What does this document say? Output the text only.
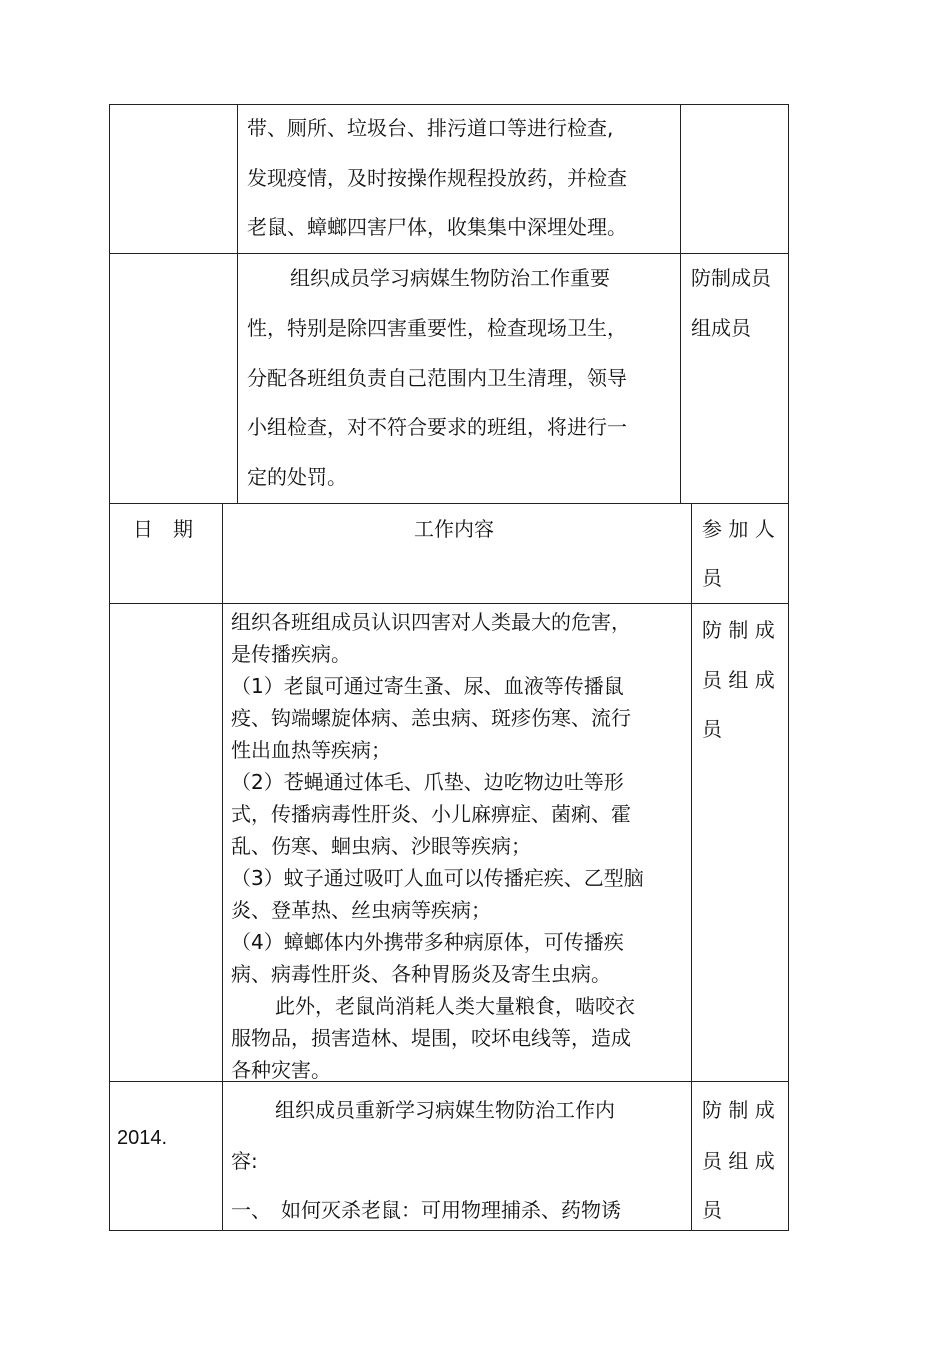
带、厕所、垃圾台、排污道口等进行检查,
发现疫情，及时按操作规程投放药，并检查
老鼠、蟑螂四害尸体，收集集中深埋处理。
组织成员学习病媒生物防治工作重要
性，特别是除四害重要性，检查现场卫生，
分配各班组负责自己范围内卫生清理，领导
小组检查，对不符合要求的班组，将进行一
定的处罚。
防制成员
组成员
日　期	工作内容	参 加 人
员
组织各班组成员认识四害对人类最大的危害，
是传播疾病。
（1）老鼠可通过寄生蚤、尿、血液等传播鼠
疫、钩端螺旋体病、恙虫病、斑疹伤寒、流行
性出血热等疾病；
（2）苍蝇通过体毛、爪垫、边吃物边吐等形
式，传播病毒性肝炎、小儿麻痹症、菌痢、霍
乱、伤寒、蛔虫病、沙眼等疾病；
（3）蚊子通过吸叮人血可以传播疟疾、乙型脑
炎、登革热、丝虫病等疾病；
（4）蟑螂体内外携带多种病原体，可传播疾
病、病毒性肝炎、各种胃肠炎及寄生虫病。
此外，老鼠尚消耗人类大量粮食，啮咬衣
服物品，损害造林、堤围，咬坏电线等，造成
各种灾害。
防 制 成
员 组 成
员
2014.
组织成员重新学习病媒生物防治工作内
容:
一、　如何灭杀老鼠：可用物理捕杀、药物诱
防 制 成
员 组 成
员
